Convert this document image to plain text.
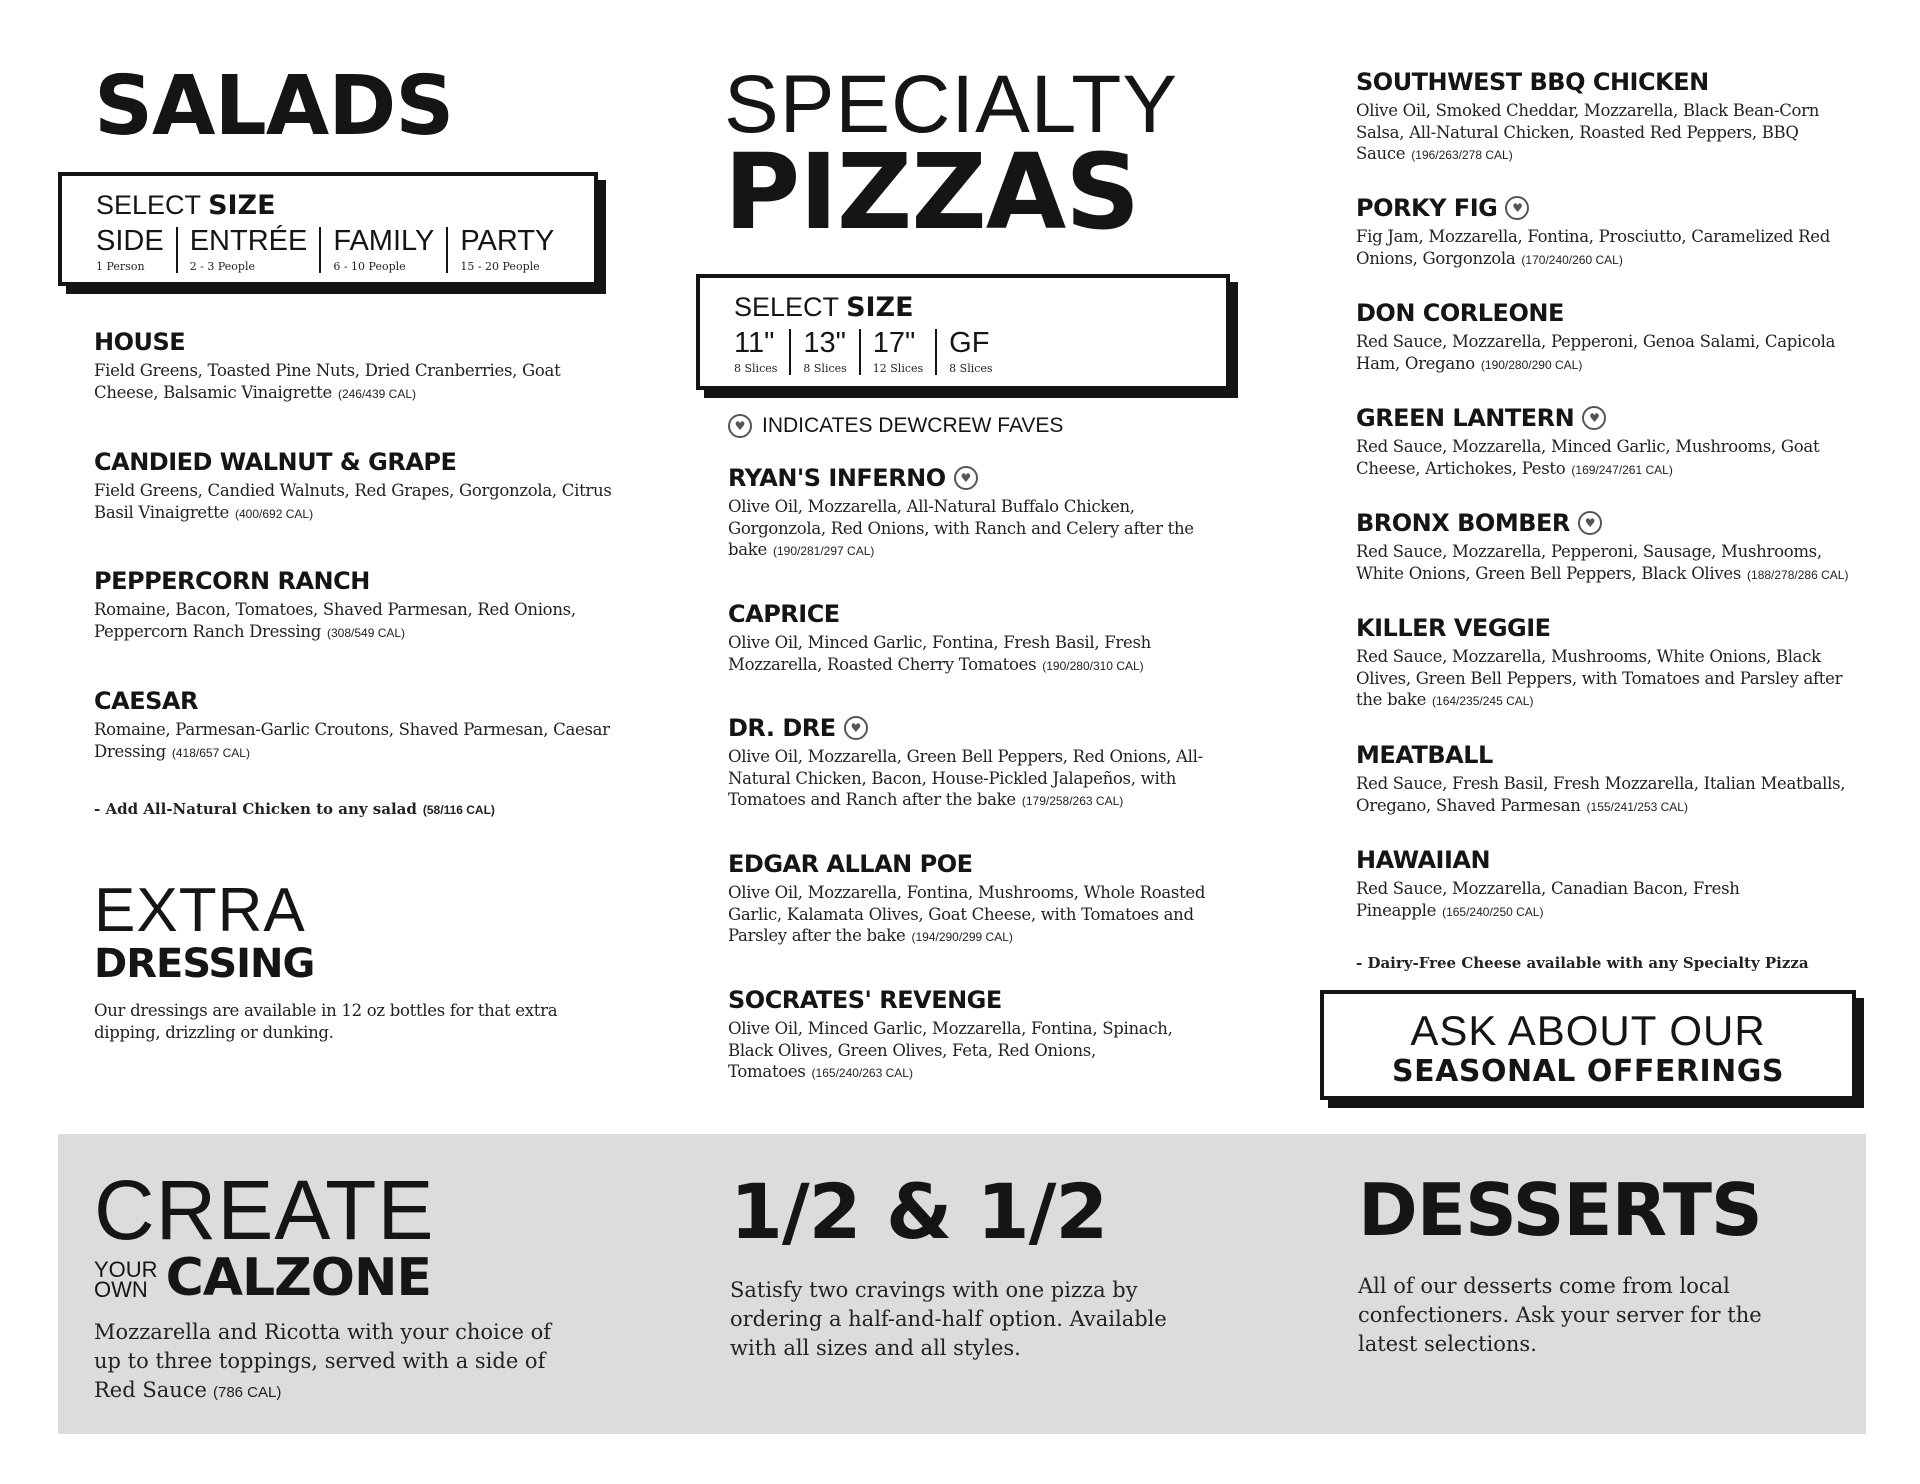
SALADS
SELECT SIZE
SIDE
1 Person
ENTRÉE
2 - 3 People
FAMILY
6 - 10 People
PARTY
15 - 20 People
HOUSE
Field Greens, Toasted Pine Nuts, Dried Cranberries, Goat Cheese, Balsamic Vinaigrette (246/439 CAL)
CANDIED WALNUT & GRAPE
Field Greens, Candied Walnuts, Red Grapes, Gorgonzola, Citrus Basil Vinaigrette (400/692 CAL)
PEPPERCORN RANCH
Romaine, Bacon, Tomatoes, Shaved Parmesan, Red Onions, Peppercorn Ranch Dressing (308/549 CAL)
CAESAR
Romaine, Parmesan-Garlic Croutons, Shaved Parmesan, Caesar Dressing (418/657 CAL)
- Add All-Natural Chicken to any salad (58/116 CAL)
EXTRA
DRESSING
Our dressings are available in 12 oz bottles for that extra dipping, drizzling or dunking.
SPECIALTY
PIZZAS
SELECT SIZE
11"
8 Slices
13"
8 Slices
17"
12 Slices
GF
8 Slices
♥ INDICATES DEWCREW FAVES
RYAN'S INFERNO	♥
Olive Oil, Mozzarella, All-Natural Buffalo Chicken, Gorgonzola, Red Onions, with Ranch and Celery after the bake (190/281/297 CAL)
CAPRICE
Olive Oil, Minced Garlic, Fontina, Fresh Basil, Fresh Mozzarella, Roasted Cherry Tomatoes (190/280/310 CAL)
DR. DRE	♥
Olive Oil, Mozzarella, Green Bell Peppers, Red Onions, All-Natural Chicken, Bacon, House-Pickled Jalapeños, with Tomatoes and Ranch after the bake (179/258/263 CAL)
EDGAR ALLAN POE
Olive Oil, Mozzarella, Fontina, Mushrooms, Whole Roasted Garlic, Kalamata Olives, Goat Cheese, with Tomatoes and Parsley after the bake (194/290/299 CAL)
SOCRATES' REVENGE
Olive Oil, Minced Garlic, Mozzarella, Fontina, Spinach, Black Olives, Green Olives, Feta, Red Onions, Tomatoes (165/240/263 CAL)
SOUTHWEST BBQ CHICKEN
Olive Oil, Smoked Cheddar, Mozzarella, Black Bean-Corn Salsa, All-Natural Chicken, Roasted Red Peppers, BBQ Sauce (196/263/278 CAL)
PORKY FIG	♥
Fig Jam, Mozzarella, Fontina, Prosciutto, Caramelized Red Onions, Gorgonzola (170/240/260 CAL)
DON CORLEONE
Red Sauce, Mozzarella, Pepperoni, Genoa Salami, Capicola Ham, Oregano (190/280/290 CAL)
GREEN LANTERN	♥
Red Sauce, Mozzarella, Minced Garlic, Mushrooms, Goat Cheese, Artichokes, Pesto (169/247/261 CAL)
BRONX BOMBER	♥
Red Sauce, Mozzarella, Pepperoni, Sausage, Mushrooms, White Onions, Green Bell Peppers, Black Olives (188/278/286 CAL)
KILLER VEGGIE
Red Sauce, Mozzarella, Mushrooms, White Onions, Black Olives, Green Bell Peppers, with Tomatoes and Parsley after the bake (164/235/245 CAL)
MEATBALL
Red Sauce, Fresh Basil, Fresh Mozzarella, Italian Meatballs, Oregano, Shaved Parmesan (155/241/253 CAL)
HAWAIIAN
Red Sauce, Mozzarella, Canadian Bacon, Fresh Pineapple (165/240/250 CAL)
- Dairy-Free Cheese available with any Specialty Pizza
ASK ABOUT OUR
SEASONAL OFFERINGS
CREATE
YOUR
OWN CALZONE
Mozzarella and Ricotta with your choice of up to three toppings, served with a side of Red Sauce (786 CAL)
1/2 & 1/2
Satisfy two cravings with one pizza by ordering a half-and-half option. Available with all sizes and all styles.
DESSERTS
All of our desserts come from local confectioners. Ask your server for the latest selections.
